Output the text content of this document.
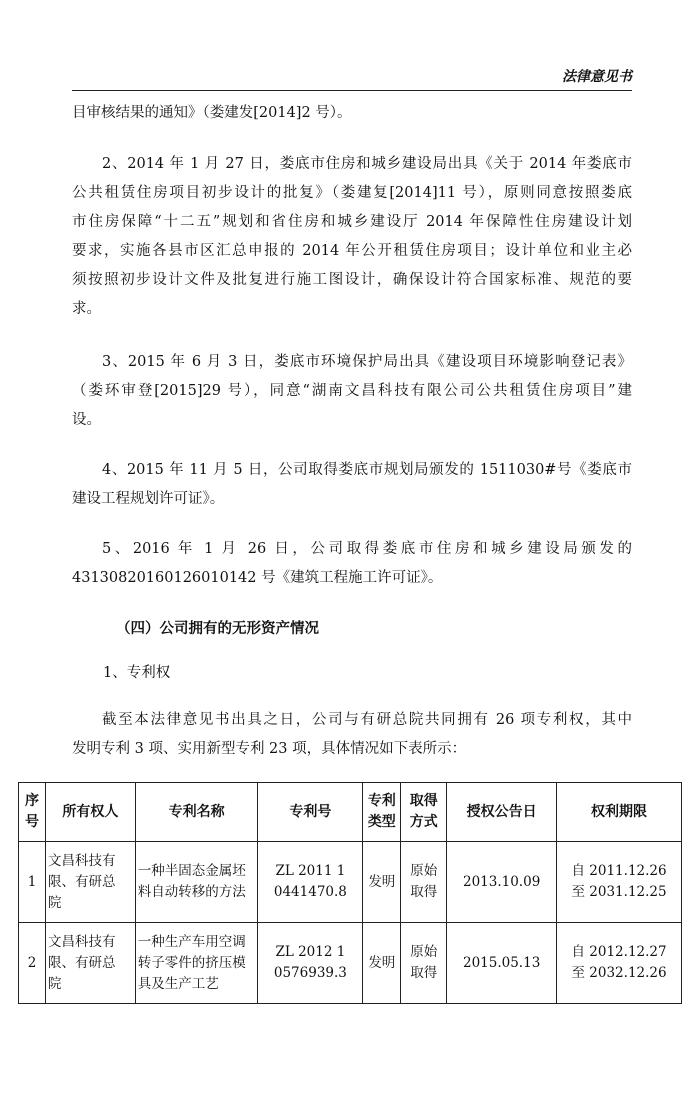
法律意见书
目审核结果的通知》（娄建发[2014]2 号）。
2、2014 年 1 月 27 日，娄底市住房和城乡建设局出具《关于 2014 年娄底市
公共租赁住房项目初步设计的批复》（娄建复[2014]11 号），原则同意按照娄底
市住房保障“十二五”规划和省住房和城乡建设厅 2014 年保障性住房建设计划
要求，实施各县市区汇总申报的 2014 年公开租赁住房项目；设计单位和业主必
须按照初步设计文件及批复进行施工图设计，确保设计符合国家标准、规范的要
求。
3、2015 年 6 月 3 日，娄底市环境保护局出具《建设项目环境影响登记表》
（娄环审登[2015]29 号），同意“湖南文昌科技有限公司公共租赁住房项目”建
设。
4、2015 年 11 月 5 日，公司取得娄底市规划局颁发的 1511030#号《娄底市
建设工程规划许可证》。
5、2016 年 1 月 26 日，公司取得娄底市住房和城乡建设局颁发的
43130820160126010142 号《建筑工程施工许可证》。
（四）公司拥有的无形资产情况
1、专利权
截至本法律意见书出具之日，公司与有研总院共同拥有 26 项专利权，其中
发明专利 3 项、实用新型专利 23 项，具体情况如下表所示：
序
号	所有权人	专利名称	专利号	专利
类型	取得
方式	授权公告日	权利期限
1	文昌科技有
限、有研总
院	一种半固态金属坯
料自动转移的方法	ZL 2011 1
0441470.8	发明	原始
取得	2013.10.09	自 2011.12.26
至 2031.12.25
2	文昌科技有
限、有研总
院	一种生产车用空调
转子零件的挤压模
具及生产工艺	ZL 2012 1
0576939.3	发明	原始
取得	2015.05.13	自 2012.12.27
至 2032.12.26
